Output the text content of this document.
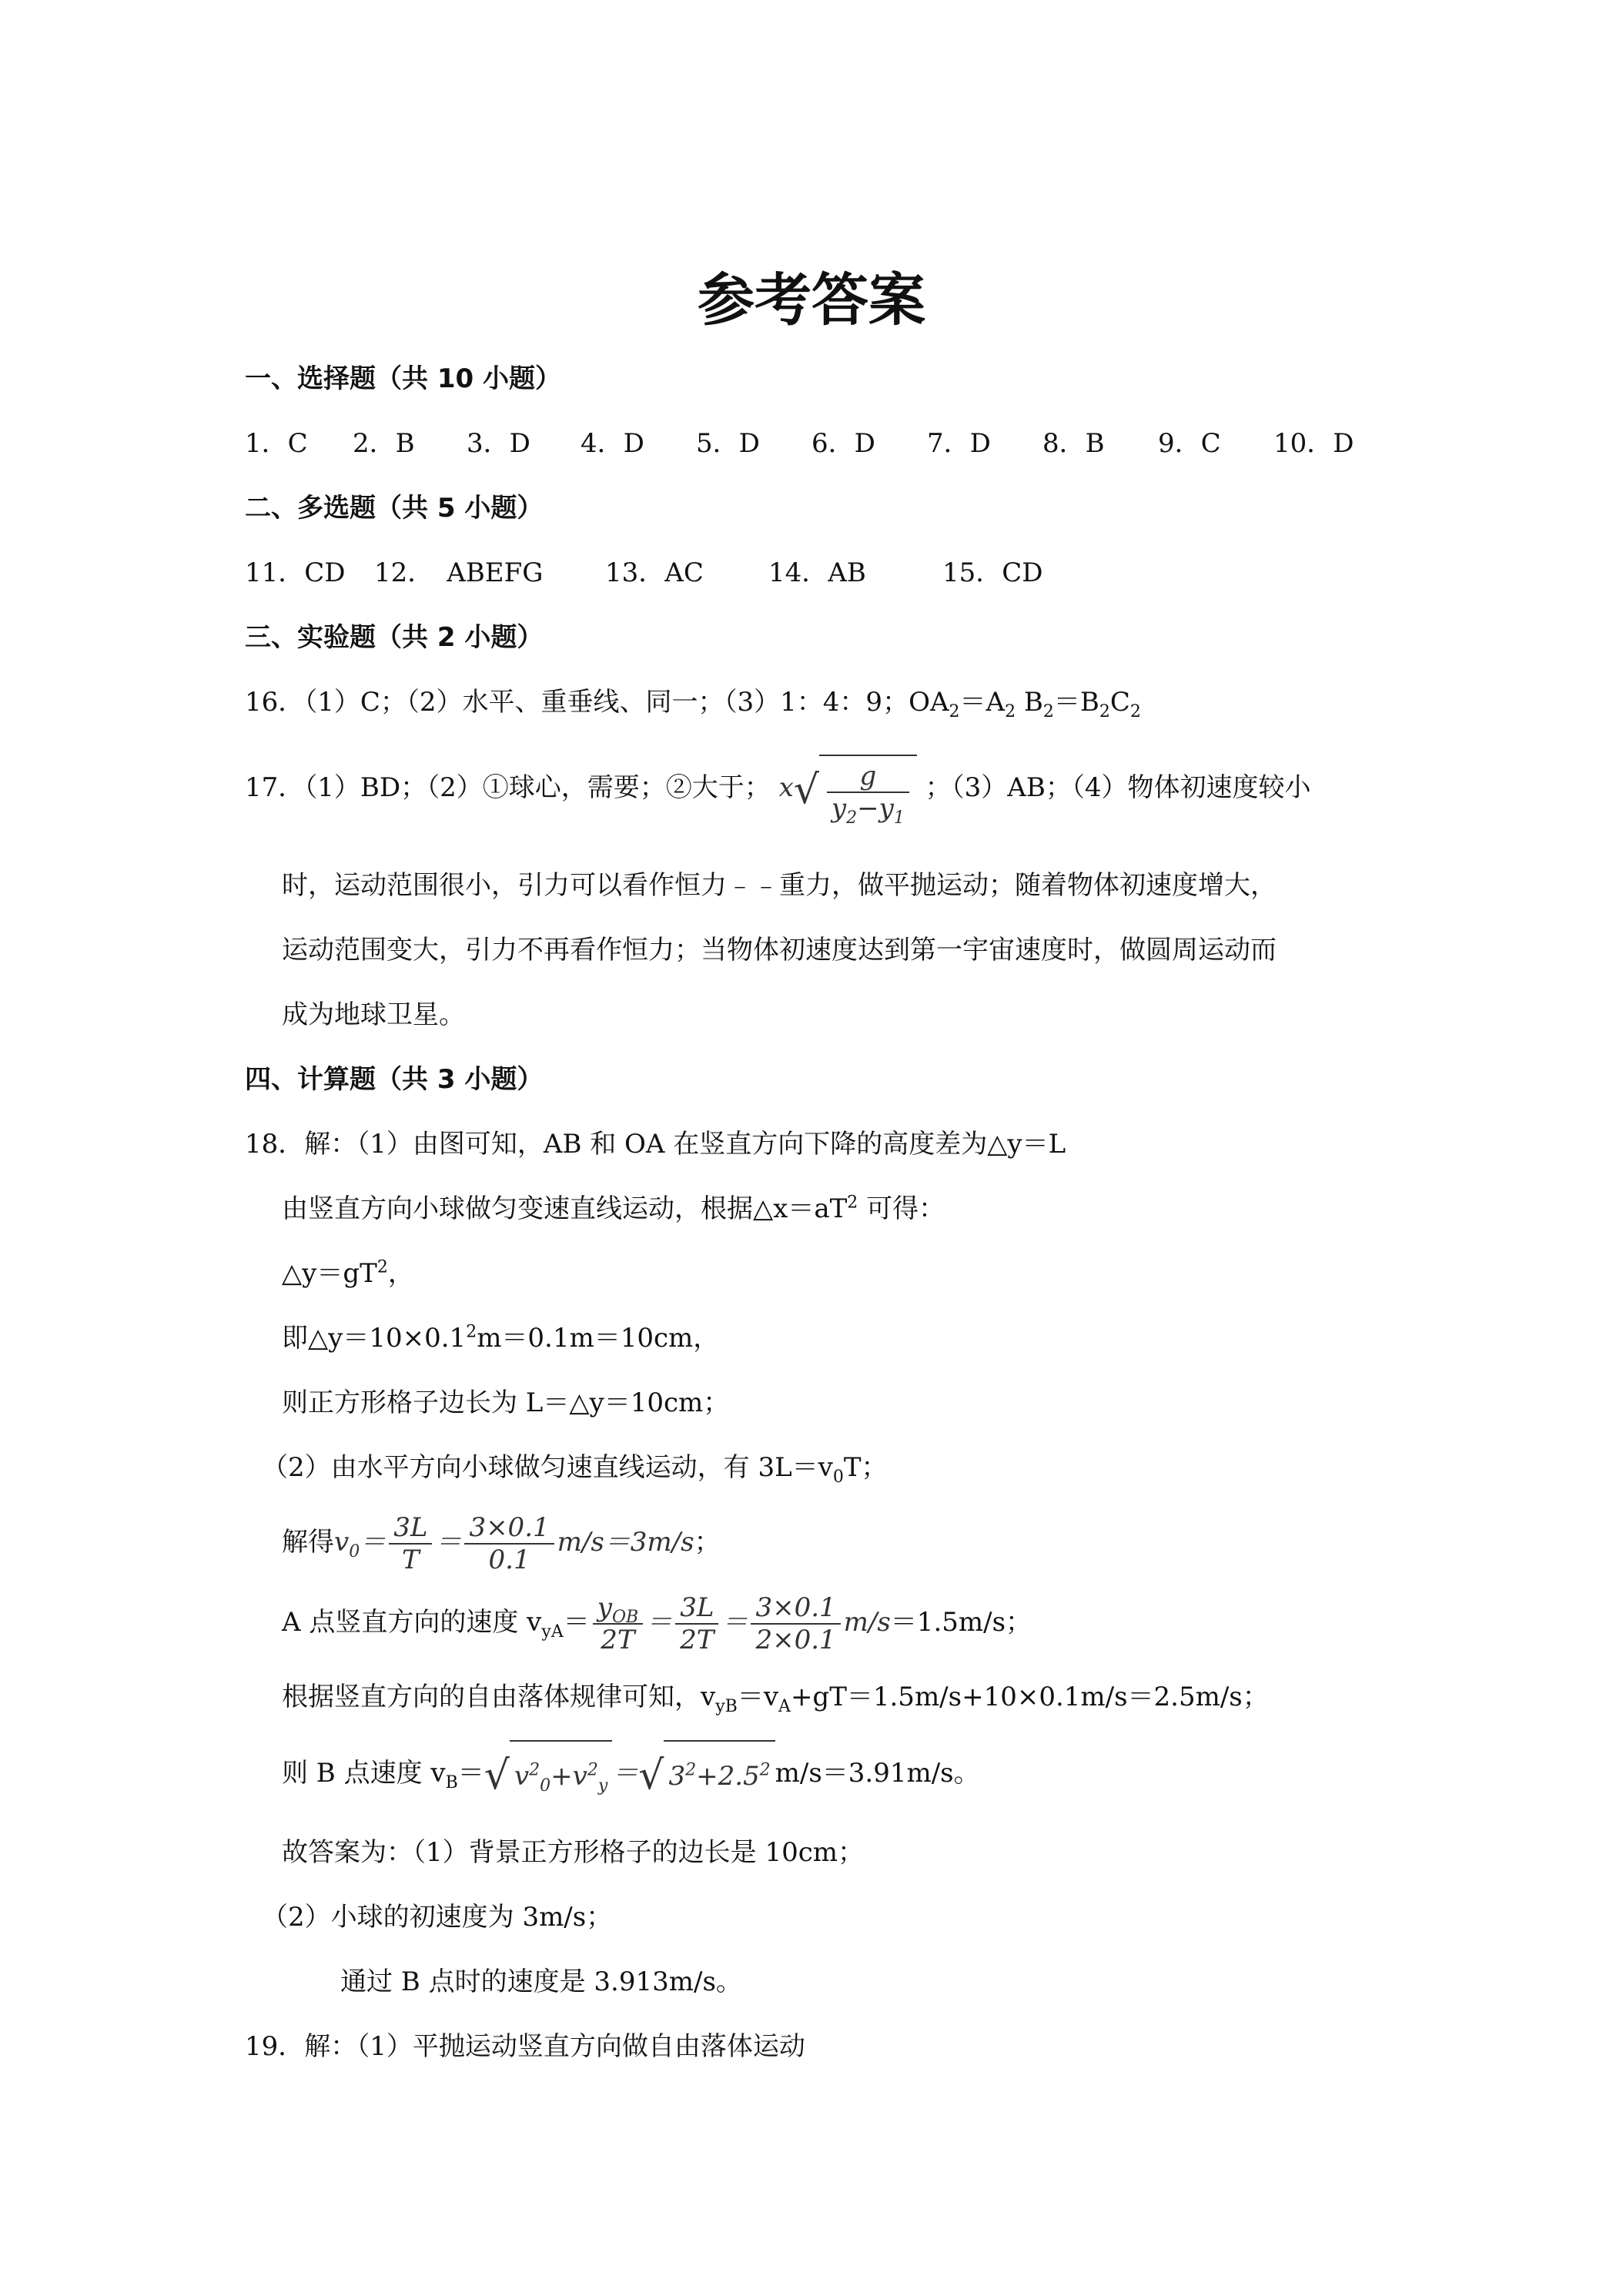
参考答案
一、选择题（共 10 小题）
1．C 2．B 3．D 4．D 5．D 6．D 7．D 8．B 9．C 10．D
二、多选题（共 5 小题）
11．CD 12．　ABEFG 13．AC 14．AB	15．CD
三、实验题（共 2 小题）
16．（1）C；（2）水平、重垂线、同一；（3）1：4：9；$OA_2=A_2$ $B_2=B_2C_2$
17．（1）BD；（2）①球心，需要；②大于； $x√ \frac{g}{y_2-y_1}$ ；（3）AB；（4）物体初速度较小
时，运动范围很小，引力可以看作恒力﹣﹣重力，做平抛运动；随着物体初速度增大，
运动范围变大，引力不再看作恒力；当物体初速度达到第一宇宙速度时，做圆周运动而
成为地球卫星。
四、计算题（共 3 小题）
18．解：（1）由图可知，AB 和 OA 在竖直方向下降的高度差为△y＝L
由竖直方向小球做匀变速直线运动，根据$\triangle x=aT^2$ 可得：
$\triangle y=gT^2$，
即$\triangle y=10\times 0.1^2m=0.1m=10cm$，
则正方形格子边长为 L＝△y＝10cm；
（2）由水平方向小球做匀速直线运动，有 $3L=v_0T$；
解得$v_0= \frac{3L}{T} = \frac{3\times 0.1}{0.1} m/s=3m/s$；
A 点竖直方向的速度 $v_{yA}= \frac{y_{OB}}{2T} = \frac{3L}{2T} = \frac{3\times 0.1}{2\times 0.1} m/s=1.5m/s$；
根据竖直方向的自由落体规律可知，$v_{yB}=v_A+gT=1.5m/s+10\times 0.1m/s=2.5m/s$；
则 B 点速度 $v_B=√$ $v^2_0+v^2_y$ ＝√ $3^2+2.5^2$ m/s＝3.91m/s。
故答案为：（1）背景正方形格子的边长是 10cm；
（2）小球的初速度为 3m/s；
通过 B 点时的速度是 3.913m/s。
19．解：（1）平抛运动竖直方向做自由落体运动
